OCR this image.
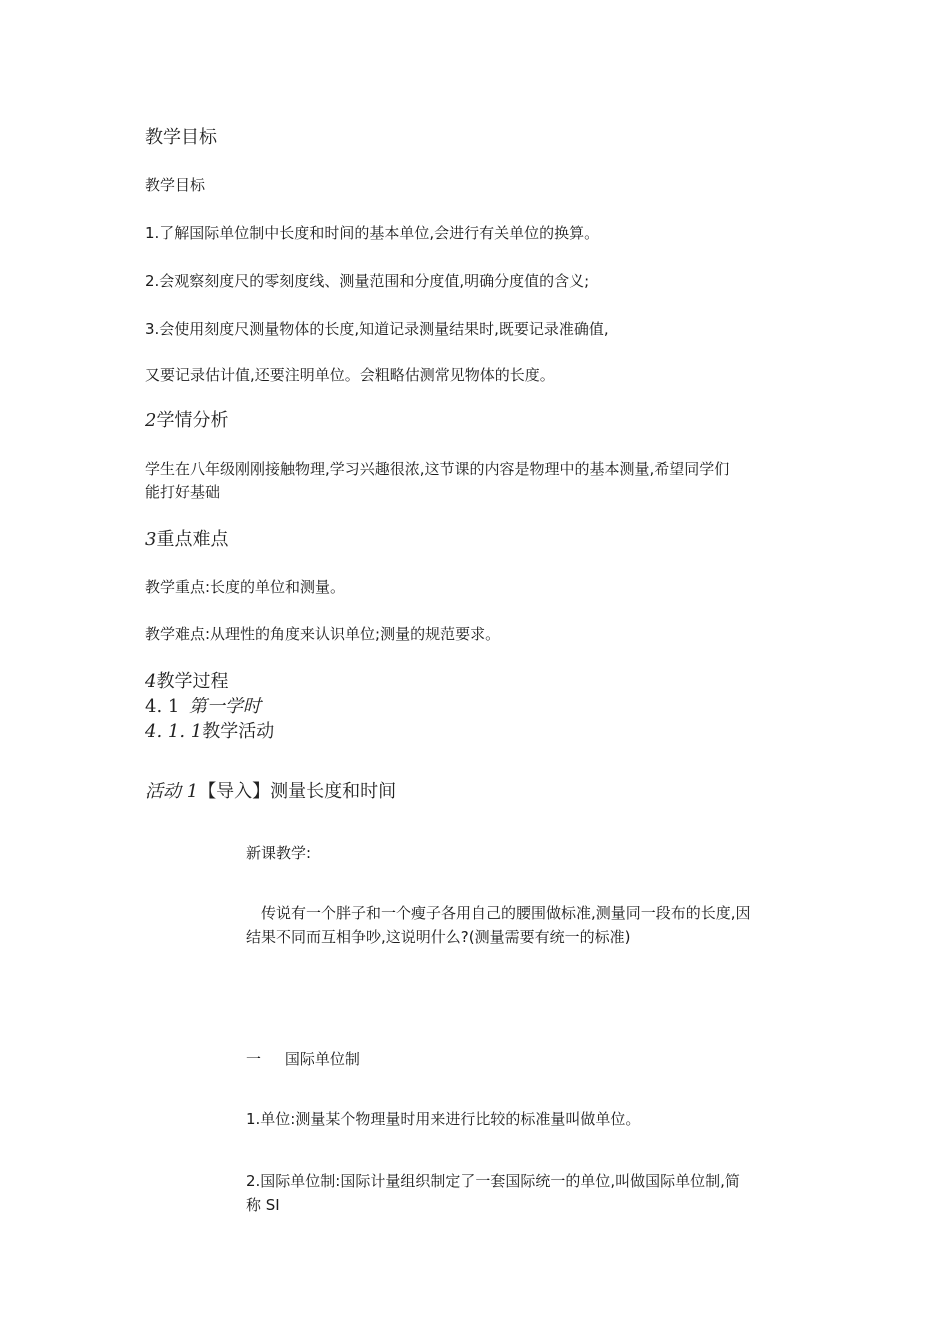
教学目标
教学目标
1.了解国际单位制中长度和时间的基本单位,会进行有关单位的换算。
2.会观察刻度尺的零刻度线、测量范围和分度值,明确分度值的含义;
3.会使用刻度尺测量物体的长度,知道记录测量结果时,既要记录准确值,
又要记录估计值,还要注明单位。会粗略估测常见物体的长度。
2学情分析
学生在八年级刚刚接触物理,学习兴趣很浓,这节课的内容是物理中的基本测量,希望同学们
能打好基础
3重点难点
教学重点:长度的单位和测量。
教学难点:从理性的角度来认识单位;测量的规范要求。
4教学过程
4. 1 第一学时
4. 1. 1教学活动
活动 1【导入】测量长度和时间
新课教学:
　传说有一个胖子和一个瘦子各用自己的腰围做标准,测量同一段布的长度,因
结果不同而互相争吵,这说明什么?(测量需要有统一的标准)
一 国际单位制
1.单位:测量某个物理量时用来进行比较的标准量叫做单位。
2.国际单位制:国际计量组织制定了一套国际统一的单位,叫做国际单位制,简
称 SI
